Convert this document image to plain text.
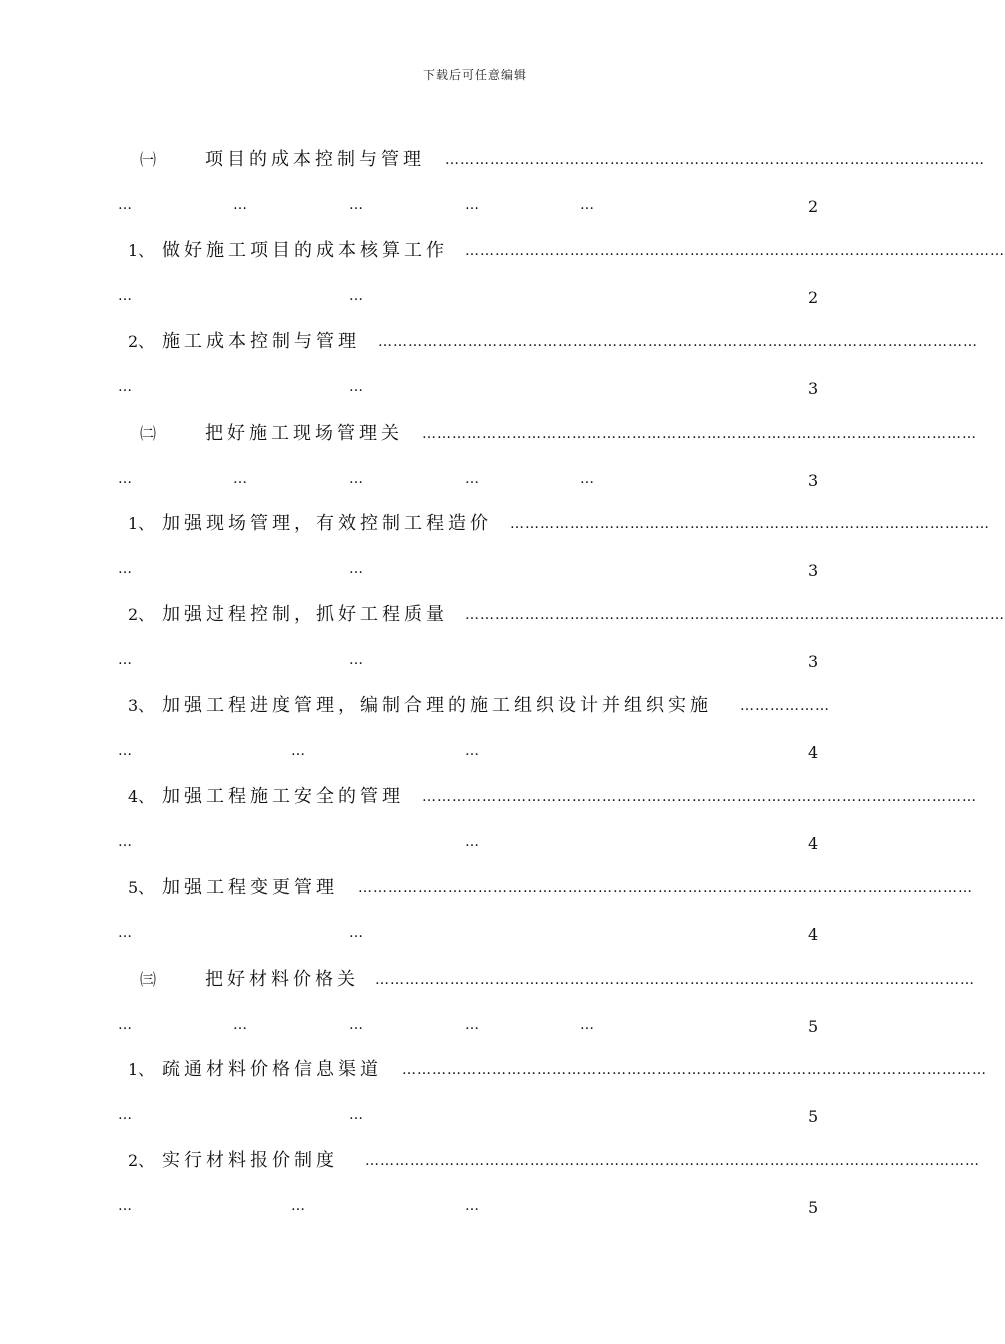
下载后可任意编辑
㈠	项目的成本控制与管理 ………………………………………………………………………………………………
…	…	…	…	…	2
1、 做好施工项目的成本核算工作 ………………………………………………………………………………………………
…	…	2
2、 施工成本控制与管理 …………………………………………………………………………………………………………
…	…	3
㈡	把好施工现场管理关 …………………………………………………………………………………………………
…	…	…	…	…	3
1、 加强现场管理，有效控制工程造价 ……………………………………………………………………………………
…	…	3
2、 加强过程控制，抓好工程质量 ………………………………………………………………………………………………
…	…	3
3、 加强工程进度管理，编制合理的施工组织设计并组织实施	………………
…	…	…	4
4、 加强工程施工安全的管理 …………………………………………………………………………………………………
…	…	4
5、 加强工程变更管理 ……………………………………………………………………………………………………………
…	…	4
㈢	把好材料价格关 …………………………………………………………………………………………………………
…	…	…	…	…	5
1、 疏通材料价格信息渠道 ………………………………………………………………………………………………………
…	…	5
2、 实行材料报价制度 ……………………………………………………………………………………………………………
…	…	…	5
